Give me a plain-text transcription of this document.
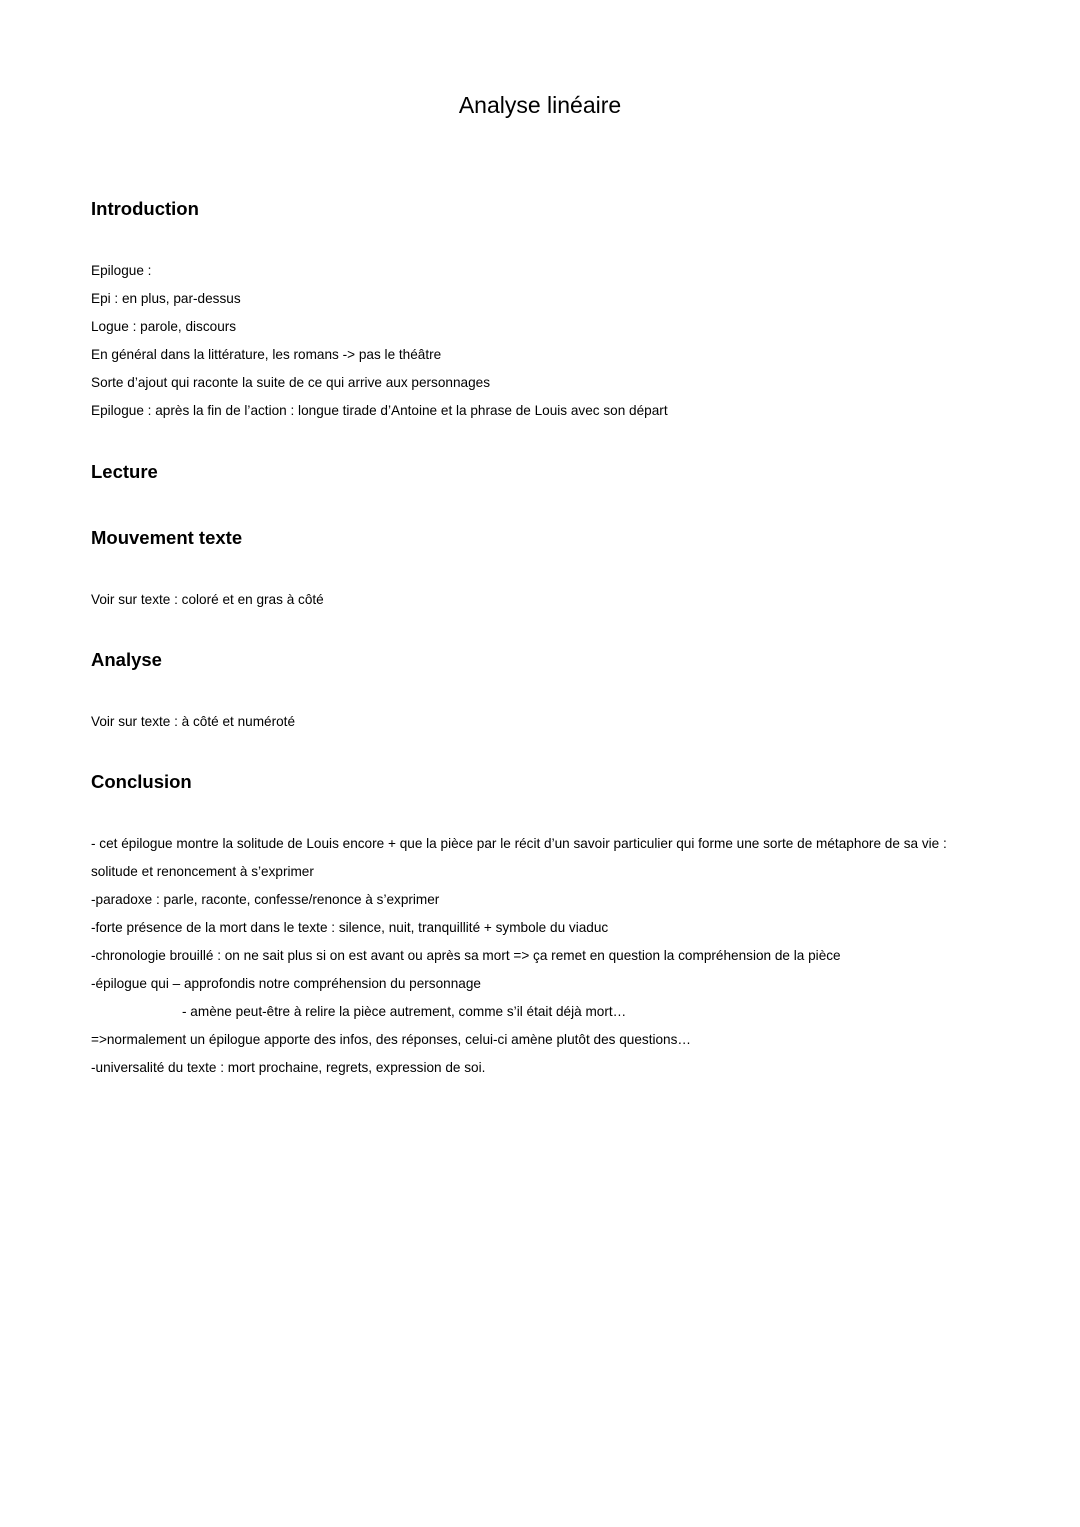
Analyse linéaire
Introduction

Epilogue :

Epi : en plus, par-dessus

Logue : parole, discours

En général dans la littérature, les romans -> pas le théâtre

Sorte d’ajout qui raconte la suite de ce qui arrive aux personnages

Epilogue : après la fin de l’action : longue tirade d’Antoine et la phrase de Louis avec son départ

Lecture
Mouvement texte

Voir sur texte : coloré et en gras à côté

Analyse

Voir sur texte : à côté et numéroté

Conclusion

- cet épilogue montre la solitude de Louis encore + que la pièce par le récit d’un savoir particulier qui forme une sorte de métaphore de sa vie :

solitude et renoncement à s’exprimer

-paradoxe : parle, raconte, confesse/renonce à s’exprimer

-forte présence de la mort dans le texte : silence, nuit, tranquillité + symbole du viaduc

-chronologie brouillé : on ne sait plus si on est avant ou après sa mort => ça remet en question la compréhension de la pièce

-épilogue qui – approfondis notre compréhension du personnage

- amène peut-être à relire la pièce autrement, comme s’il était déjà mort…

=>normalement un épilogue apporte des infos, des réponses, celui-ci amène plutôt des questions…

-universalité du texte : mort prochaine, regrets, expression de soi.
